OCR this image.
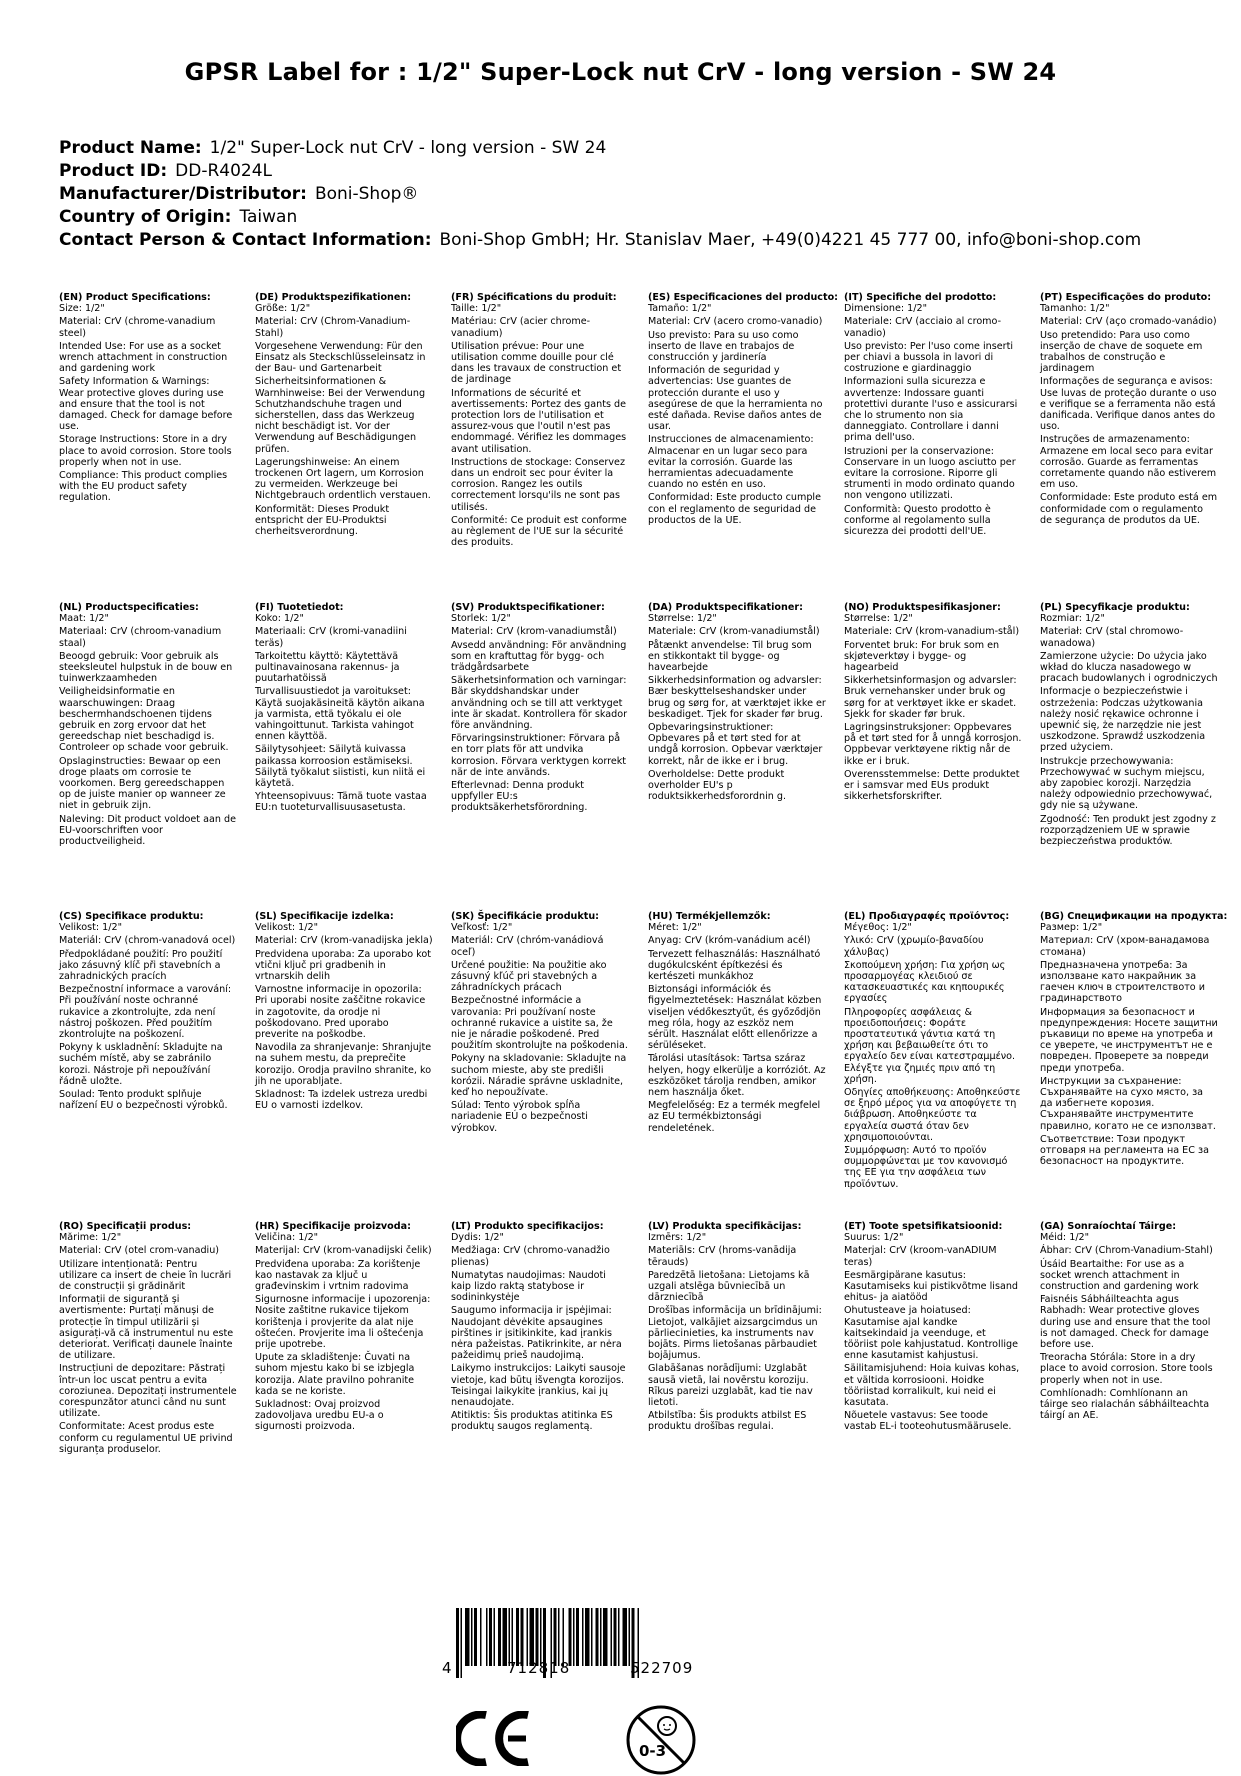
GPSR Label for : 1/2" Super-Lock nut CrV - long version - SW 24
Product Name: 1/2" Super-Lock nut CrV - long version - SW 24
Product ID: DD-R4024L
Manufacturer/Distributor: Boni-Shop®
Country of Origin: Taiwan
Contact Person & Contact Information: Boni-Shop GmbH; Hr. Stanislav Maer, +49(0)4221 45 777 00, info@boni-shop.com
(EN) Product Specifications:
Size: 1/2"
Material: CrV (chrome-vanadium steel)
Intended Use: For use as a socket wrench attachment in construction and gardening work
Safety Information & Warnings: Wear protective gloves during use and ensure that the tool is not damaged. Check for damage before use.
Storage Instructions: Store in a dry place to avoid corrosion. Store tools properly when not in use.
Compliance: This product complies with the EU product safety regulation.
(DE) Produktspezifikationen:
Größe: 1/2"
Material: CrV (Chrom-Vanadium-Stahl)
Vorgesehene Verwendung: Für den Einsatz als Steckschlüsseleinsatz in der Bau- und Gartenarbeit
Sicherheitsinformationen & Warnhinweise: Bei der Verwendung Schutzhandschuhe tragen und sicherstellen, dass das Werkzeug nicht beschädigt ist. Vor der Verwendung auf Beschädigungen prüfen.
Lagerungshinweise: An einem trockenen Ort lagern, um Korrosion zu vermeiden. Werkzeuge bei Nichtgebrauch ordentlich verstauen.
Konformität: Dieses Produkt entspricht der EU-Produktsi cherheitsverordnung.
(FR) Spécifications du produit:
Taille: 1/2"
Matériau: CrV (acier chrome-vanadium)
Utilisation prévue: Pour une utilisation comme douille pour clé dans les travaux de construction et de jardinage
Informations de sécurité et avertissements: Portez des gants de protection lors de l'utilisation et assurez-vous que l'outil n'est pas endommagé. Vérifiez les dommages avant utilisation.
Instructions de stockage: Conservez dans un endroit sec pour éviter la corrosion. Rangez les outils correctement lorsqu'ils ne sont pas utilisés.
Conformité: Ce produit est conforme au règlement de l'UE sur la sécurité des produits.
(ES) Especificaciones del producto:
Tamaño: 1/2"
Material: CrV (acero cromo-vanadio)
Uso previsto: Para su uso como inserto de llave en trabajos de construcción y jardinería
Información de seguridad y advertencias: Use guantes de protección durante el uso y asegúrese de que la herramienta no esté dañada. Revise daños antes de usar.
Instrucciones de almacenamiento: Almacenar en un lugar seco para evitar la corrosión. Guarde las herramientas adecuadamente cuando no estén en uso.
Conformidad: Este producto cumple con el reglamento de seguridad de productos de la UE.
(IT) Specifiche del prodotto:
Dimensione: 1/2"
Materiale: CrV (acciaio al cromo-vanadio)
Uso previsto: Per l'uso come inserti per chiavi a bussola in lavori di costruzione e giardinaggio
Informazioni sulla sicurezza e avvertenze: Indossare guanti protettivi durante l'uso e assicurarsi che lo strumento non sia danneggiato. Controllare i danni prima dell'uso.
Istruzioni per la conservazione: Conservare in un luogo asciutto per evitare la corrosione. Riporre gli strumenti in modo ordinato quando non vengono utilizzati.
Conformità: Questo prodotto è conforme al regolamento sulla sicurezza dei prodotti dell'UE.
(PT) Especificações do produto:
Tamanho: 1/2"
Material: CrV (aço cromado-vanádio)
Uso pretendido: Para uso como inserção de chave de soquete em trabalhos de construção e jardinagem
Informações de segurança e avisos: Use luvas de proteção durante o uso e verifique se a ferramenta não está danificada. Verifique danos antes do uso.
Instruções de armazenamento: Armazene em local seco para evitar corrosão. Guarde as ferramentas corretamente quando não estiverem em uso.
Conformidade: Este produto está em conformidade com o regulamento de segurança de produtos da UE.
(NL) Productspecificaties:
Maat: 1/2"
Materiaal: CrV (chroom-vanadium staal)
Beoogd gebruik: Voor gebruik als steeksleutel hulpstuk in de bouw en tuinwerkzaamheden
Veiligheidsinformatie en waarschuwingen: Draag beschermhandschoenen tijdens gebruik en zorg ervoor dat het gereedschap niet beschadigd is. Controleer op schade voor gebruik.
Opslaginstructies: Bewaar op een droge plaats om corrosie te voorkomen. Berg gereedschappen op de juiste manier op wanneer ze niet in gebruik zijn.
Naleving: Dit product voldoet aan de EU-voorschriften voor productveiligheid.
(FI) Tuotetiedot:
Koko: 1/2"
Materiaali: CrV (kromi-vanadiini teräs)
Tarkoitettu käyttö: Käytettävä pultinavainosana rakennus- ja puutarhatöissä
Turvallisuustiedot ja varoitukset: Käytä suojakäsineitä käytön aikana ja varmista, että työkalu ei ole vahingoittunut. Tarkista vahingot ennen käyttöä.
Säilytysohjeet: Säilytä kuivassa paikassa korroosion estämiseksi. Säilytä työkalut siististi, kun niitä ei käytetä.
Yhteensopivuus: Tämä tuote vastaa EU:n tuoteturvallisuusasetusta.
(SV) Produktspecifikationer:
Storlek: 1/2"
Material: CrV (krom-vanadiumstål)
Avsedd användning: För användning som en kraftuttag för bygg- och trädgårdsarbete
Säkerhetsinformation och varningar: Bär skyddshandskar under användning och se till att verktyget inte är skadat. Kontrollera för skador före användning.
Förvaringsinstruktioner: Förvara på en torr plats för att undvika korrosion. Förvara verktygen korrekt när de inte används.
Efterlevnad: Denna produkt uppfyller EU:s produktsäkerhetsförordning.
(DA) Produktspecifikationer:
Størrelse: 1/2"
Materiale: CrV (krom-vanadiumstål)
Påtænkt anvendelse: Til brug som en stikkontakt til bygge- og havearbejde
Sikkerhedsinformation og advarsler: Bær beskyttelseshandsker under brug og sørg for, at værktøjet ikke er beskadiget. Tjek for skader før brug.
Opbevaringsinstruktioner: Opbevares på et tørt sted for at undgå korrosion. Opbevar værktøjer korrekt, når de ikke er i brug.
Overholdelse: Dette produkt overholder EU's p roduktsikkerhedsforordnin g.
(NO) Produktspesifikasjoner:
Størrelse: 1/2"
Materiale: CrV (krom-vanadium-stål)
Forventet bruk: For bruk som en skjøteverktøy i bygge- og hagearbeid
Sikkerhetsinformasjon og advarsler: Bruk vernehansker under bruk og sørg for at verktøyet ikke er skadet. Sjekk for skader før bruk.
Lagringsinstruksjoner: Oppbevares på et tørt sted for å unngå korrosjon. Oppbevar verktøyene riktig når de ikke er i bruk.
Overensstemmelse: Dette produktet er i samsvar med EUs produkt sikkerhetsforskrifter.
(PL) Specyfikacje produktu:
Rozmiar: 1/2"
Materiał: CrV (stal chromowo-wanadowa)
Zamierzone użycie: Do użycia jako wkład do klucza nasadowego w pracach budowlanych i ogrodniczych
Informacje o bezpieczeństwie i ostrzeżenia: Podczas użytkowania należy nosić rękawice ochronne i upewnić się, że narzędzie nie jest uszkodzone. Sprawdź uszkodzenia przed użyciem.
Instrukcje przechowywania: Przechowywać w suchym miejscu, aby zapobiec korozji. Narzędzia należy odpowiednio przechowywać, gdy nie są używane.
Zgodność: Ten produkt jest zgodny z rozporządzeniem UE w sprawie bezpieczeństwa produktów.
(CS) Specifikace produktu:
Velikost: 1/2"
Materiál: CrV (chrom-vanadová ocel)
Předpokládané použití: Pro použití jako zásuvný klíč při stavebních a zahradnických pracích
Bezpečnostní informace a varování: Při používání noste ochranné rukavice a zkontrolujte, zda není nástroj poškozen. Před použitím zkontrolujte na poškození.
Pokyny k uskladnění: Skladujte na suchém místě, aby se zabránilo korozi. Nástroje při nepoužívání řádně uložte.
Soulad: Tento produkt splňuje nařízení EU o bezpečnosti výrobků.
(SL) Specifikacije izdelka:
Velikost: 1/2"
Material: CrV (krom-vanadijska jekla)
Predvidena uporaba: Za uporabo kot vtični ključ pri gradbenih in vrtnarskih delih
Varnostne informacije in opozorila: Pri uporabi nosite zaščitne rokavice in zagotovite, da orodje ni poškodovano. Pred uporabo preverite na poškodbe.
Navodila za shranjevanje: Shranjujte na suhem mestu, da preprečite korozijo. Orodja pravilno shranite, ko jih ne uporabljate.
Skladnost: Ta izdelek ustreza uredbi EU o varnosti izdelkov.
(SK) Špecifikácie produktu:
Veľkosť: 1/2"
Materiál: CrV (chróm-vanádiová oceľ)
Určené použitie: Na použitie ako zásuvný kľúč pri stavebných a záhradníckych prácach
Bezpečnostné informácie a varovania: Pri používaní noste ochranné rukavice a uistite sa, že nie je náradie poškodené. Pred použitím skontrolujte na poškodenia.
Pokyny na skladovanie: Skladujte na suchom mieste, aby ste predišli korózii. Náradie správne uskladnite, keď ho nepoužívate.
Súlad: Tento výrobok spĺňa nariadenie EÚ o bezpečnosti výrobkov.
(HU) Termékjellemzők:
Méret: 1/2"
Anyag: CrV (króm-vanádium acél)
Tervezett felhasználás: Használható dugókulcsként építkezési és kertészeti munkákhoz
Biztonsági információk és figyelmeztetések: Használat közben viseljen védőkesztyűt, és győződjön meg róla, hogy az eszköz nem sérült. Használat előtt ellenőrizze a sérüléseket.
Tárolási utasítások: Tartsa száraz helyen, hogy elkerülje a korróziót. Az eszközöket tárolja rendben, amikor nem használja őket.
Megfelelőség: Ez a termék megfelel az EU termékbiztonsági rendeletének.
(EL) Προδιαγραφές προϊόντος:
Μέγεθος: 1/2"
Υλικό: CrV (χρωμίο-βαναδίου χάλυβας)
Σκοπούμενη χρήση: Για χρήση ως προσαρμογέας κλειδιού σε κατασκευαστικές και κηπουρικές εργασίες
Πληροφορίες ασφάλειας & προειδοποιήσεις: Φοράτε προστατευτικά γάντια κατά τη χρήση και βεβαιωθείτε ότι το εργαλείο δεν είναι κατεστραμμένο. Ελέγξτε για ζημιές πριν από τη χρήση.
Οδηγίες αποθήκευσης: Αποθηκεύστε σε ξηρό μέρος για να αποφύγετε τη διάβρωση. Αποθηκεύστε τα εργαλεία σωστά όταν δεν χρησιμοποιούνται.
Συμμόρφωση: Αυτό το προϊόν συμμορφώνεται με τον κανονισμό της ΕΕ για την ασφάλεια των προϊόντων.
(BG) Спецификации на продукта:
Размер: 1/2"
Материал: CrV (хром-ванадамова стомана)
Предназначена употреба: За използване като накрайник за гаечен ключ в строителството и градинарството
Информация за безопасност и предупреждения: Носете защитни ръкавици по време на употреба и се уверете, че инструментът не е повреден. Проверете за повреди преди употреба.
Инструкции за съхранение: Съхранявайте на сухо място, за да избегнете корозия. Съхранявайте инструментите правилно, когато не се използват.
Съответствие: Този продукт отговаря на регламента на ЕС за безопасност на продуктите.
(RO) Specificații produs:
Mărime: 1/2"
Material: CrV (otel crom-vanadiu)
Utilizare intenționată: Pentru utilizare ca insert de cheie în lucrări de construcții și grădinărit
Informații de siguranță și avertismente: Purtați mănuși de protecție în timpul utilizării și asigurați-vă că instrumentul nu este deteriorat. Verificați daunele înainte de utilizare.
Instrucțiuni de depozitare: Păstrați într-un loc uscat pentru a evita coroziunea. Depozitați instrumentele corespunzător atunci când nu sunt utilizate.
Conformitate: Acest produs este conform cu regulamentul UE privind siguranța produselor.
(HR) Specifikacije proizvoda:
Veličina: 1/2"
Materijal: CrV (krom-vanadijski čelik)
Predviđena uporaba: Za korištenje kao nastavak za ključ u građevinskim i vrtnim radovima
Sigurnosne informacije i upozorenja: Nosite zaštitne rukavice tijekom korištenja i provjerite da alat nije oštećen. Provjerite ima li oštećenja prije upotrebe.
Upute za skladištenje: Čuvati na suhom mjestu kako bi se izbjegla korozija. Alate pravilno pohranite kada se ne koriste.
Sukladnost: Ovaj proizvod zadovoljava uredbu EU-a o sigurnosti proizvoda.
(LT) Produkto specifikacijos:
Dydis: 1/2"
Medžiaga: CrV (chromo-vanadžio plienas)
Numatytas naudojimas: Naudoti kaip lizdo raktą statybose ir sodininkystėje
Saugumo informacija ir įspėjimai: Naudojant dėvėkite apsaugines pirštines ir įsitikinkite, kad įrankis nėra pažeistas. Patikrinkite, ar nėra pažeidimų prieš naudojimą.
Laikymo instrukcijos: Laikyti sausoje vietoje, kad būtų išvengta korozijos. Teisingai laikykite įrankius, kai jų nenaudojate.
Atitiktis: Šis produktas atitinka ES produktų saugos reglamentą.
(LV) Produkta specifikācijas:
Izmērs: 1/2"
Materiāls: CrV (hroms-vanādija tērauds)
Paredzētā lietošana: Lietojams kā uzgali atslēga būvniecībā un dārzniecībā
Drošības informācija un brīdinājumi: Lietojot, valkājiet aizsargcimdus un pārliecinieties, ka instruments nav bojāts. Pirms lietošanas pārbaudiet bojājumus.
Glabāšanas norādījumi: Uzglabāt sausā vietā, lai novērstu koroziju. Rīkus pareizi uzglabāt, kad tie nav lietoti.
Atbilstība: Šis produkts atbilst ES produktu drošības regulai.
(ET) Toote spetsifikatsioonid:
Suurus: 1/2"
Materjal: CrV (kroom-vanADIUM teras)
Eesmärgipärane kasutus: Kasutamiseks kui pistikvõtme lisand ehitus- ja aiatööd
Ohutusteave ja hoiatused: Kasutamise ajal kandke kaitsekindaid ja veenduge, et tööriist pole kahjustatud. Kontrollige enne kasutamist kahjustusi.
Säilitamisjuhend: Hoia kuivas kohas, et vältida korrosiooni. Hoidke tööriistad korralikult, kui neid ei kasutata.
Nõuetele vastavus: See toode vastab EL-i tooteohutusmäärusele.
(GA) Sonraíochtaí Táirge:
Méid: 1/2"
Ábhar: CrV (Chrom-Vanadium-Stahl)
Úsáid Beartaithe: For use as a socket wrench attachment in construction and gardening work
Faisnéis Sábháilteachta agus Rabhadh: Wear protective gloves during use and ensure that the tool is not damaged. Check for damage before use.
Treoracha Stórála: Store in a dry place to avoid corrosion. Store tools properly when not in use.
Comhlíonadh: Comhlíonann an táirge seo rialachán sábháilteachta táirgí an AE.
4	712818	522709
0-3
